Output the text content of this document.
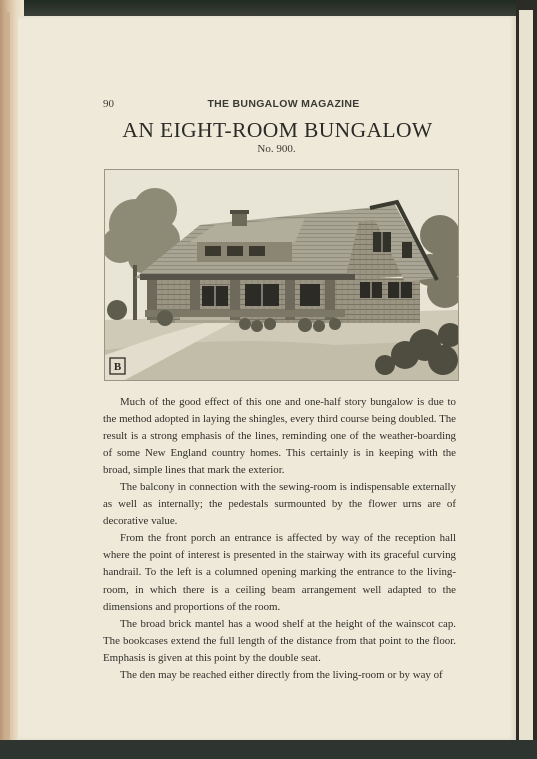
90	THE BUNGALOW MAGAZINE
AN EIGHT-ROOM BUNGALOW
No. 900.
B

Much of the good effect of this one and one-half story bungalow is due to the method adopted in laying the shingles, every third course being doubled. The result is a strong emphasis of the lines, reminding one of the weather-boarding of some New England country homes. This certainly is in keeping with the broad, simple lines that mark the exterior.

The balcony in connection with the sewing-room is indispensable externally as well as internally; the pedestals surmounted by the flower urns are of decorative value.

From the front porch an entrance is affected by way of the reception hall where the point of interest is presented in the stairway with its graceful curving handrail. To the left is a columned opening marking the entrance to the living-room, in which there is a ceiling beam arrangement well adapted to the dimensions and proportions of the room.

The broad brick mantel has a wood shelf at the height of the wainscot cap. The bookcases extend the full length of the distance from that point to the floor. Emphasis is given at this point by the double seat.

The den may be reached either directly from the living-room or by way of
